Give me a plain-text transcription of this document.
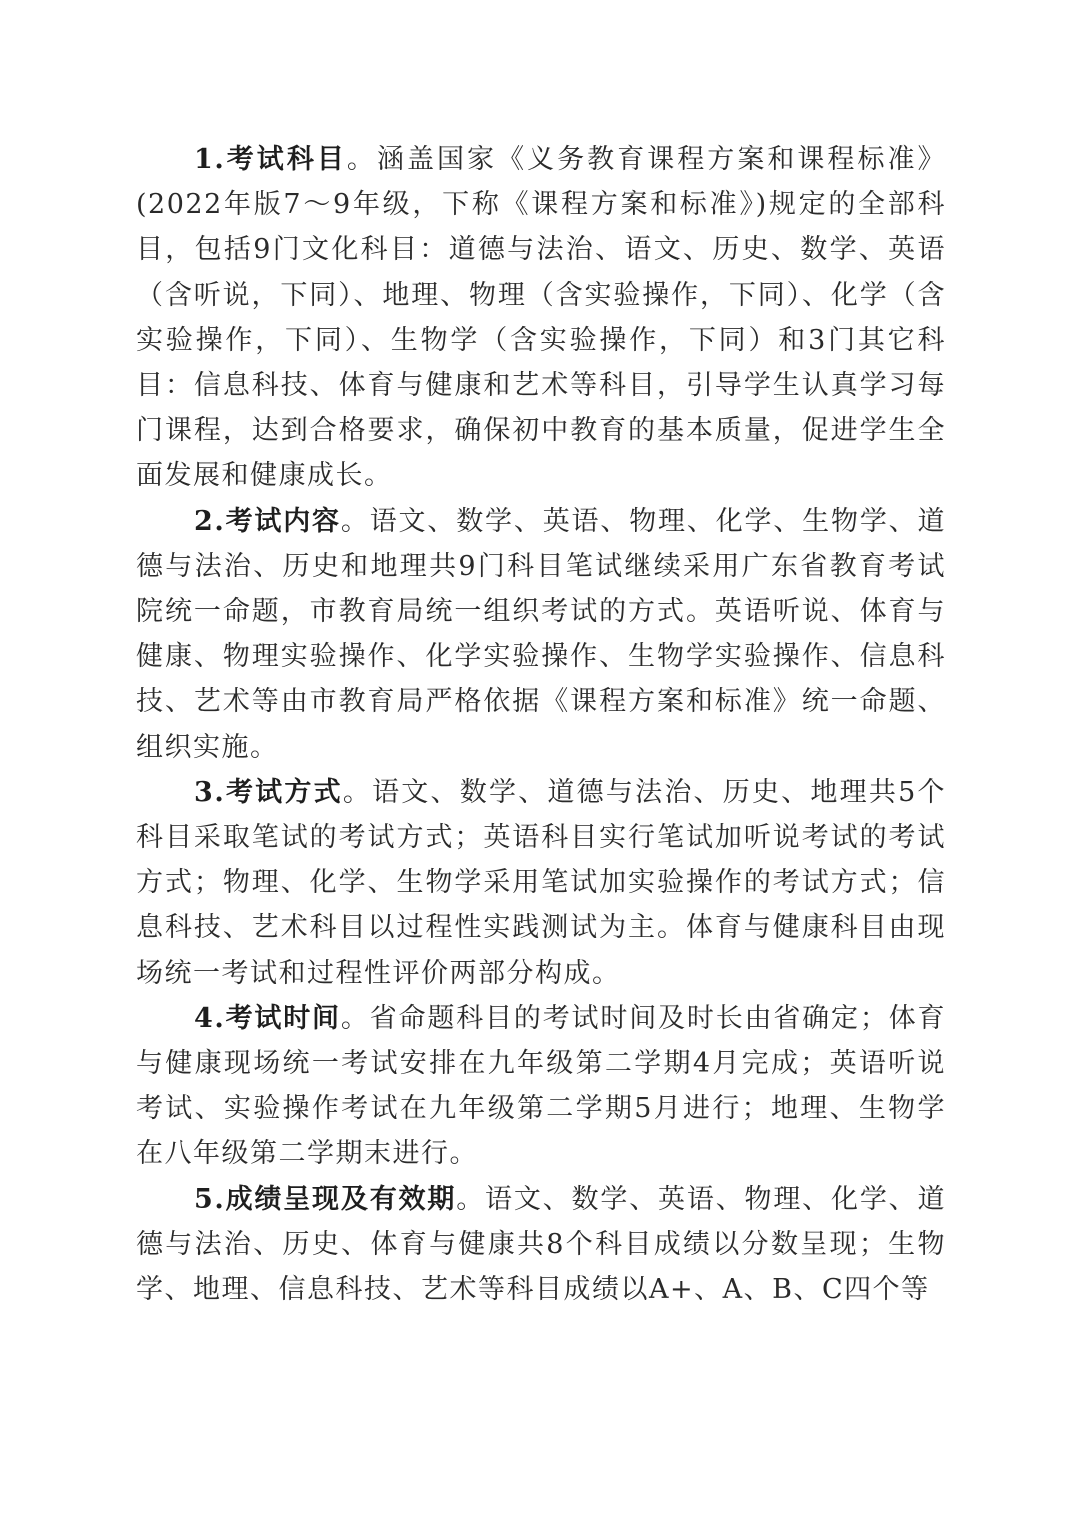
1.考试科目。涵盖国家《义务教育课程方案和课程标准》(2022年版7～9年级，下称《课程方案和标准》)规定的全部科目，包括9门文化科目：道德与法治、语文、历史、数学、英语（含听说，下同）、地理、物理（含实验操作，下同）、化学（含实验操作，下同）、生物学（含实验操作，下同）和3门其它科目：信息科技、体育与健康和艺术等科目，引导学生认真学习每门课程，达到合格要求，确保初中教育的基本质量，促进学生全面发展和健康成长。

2.考试内容。语文、数学、英语、物理、化学、生物学、道德与法治、历史和地理共9门科目笔试继续采用广东省教育考试院统一命题，市教育局统一组织考试的方式。英语听说、体育与健康、物理实验操作、化学实验操作、生物学实验操作、信息科技、艺术等由市教育局严格依据《课程方案和标准》统一命题、组织实施。

3.考试方式。语文、数学、道德与法治、历史、地理共5个科目采取笔试的考试方式；英语科目实行笔试加听说考试的考试方式；物理、化学、生物学采用笔试加实验操作的考试方式；信息科技、艺术科目以过程性实践测试为主。体育与健康科目由现场统一考试和过程性评价两部分构成。

4.考试时间。省命题科目的考试时间及时长由省确定；体育与健康现场统一考试安排在九年级第二学期4月完成；英语听说考试、实验操作考试在九年级第二学期5月进行；地理、生物学在八年级第二学期末进行。

5.成绩呈现及有效期。语文、数学、英语、物理、化学、道德与法治、历史、体育与健康共8个科目成绩以分数呈现；生物学、地理、信息科技、艺术等科目成绩以A+、A、B、C四个等
